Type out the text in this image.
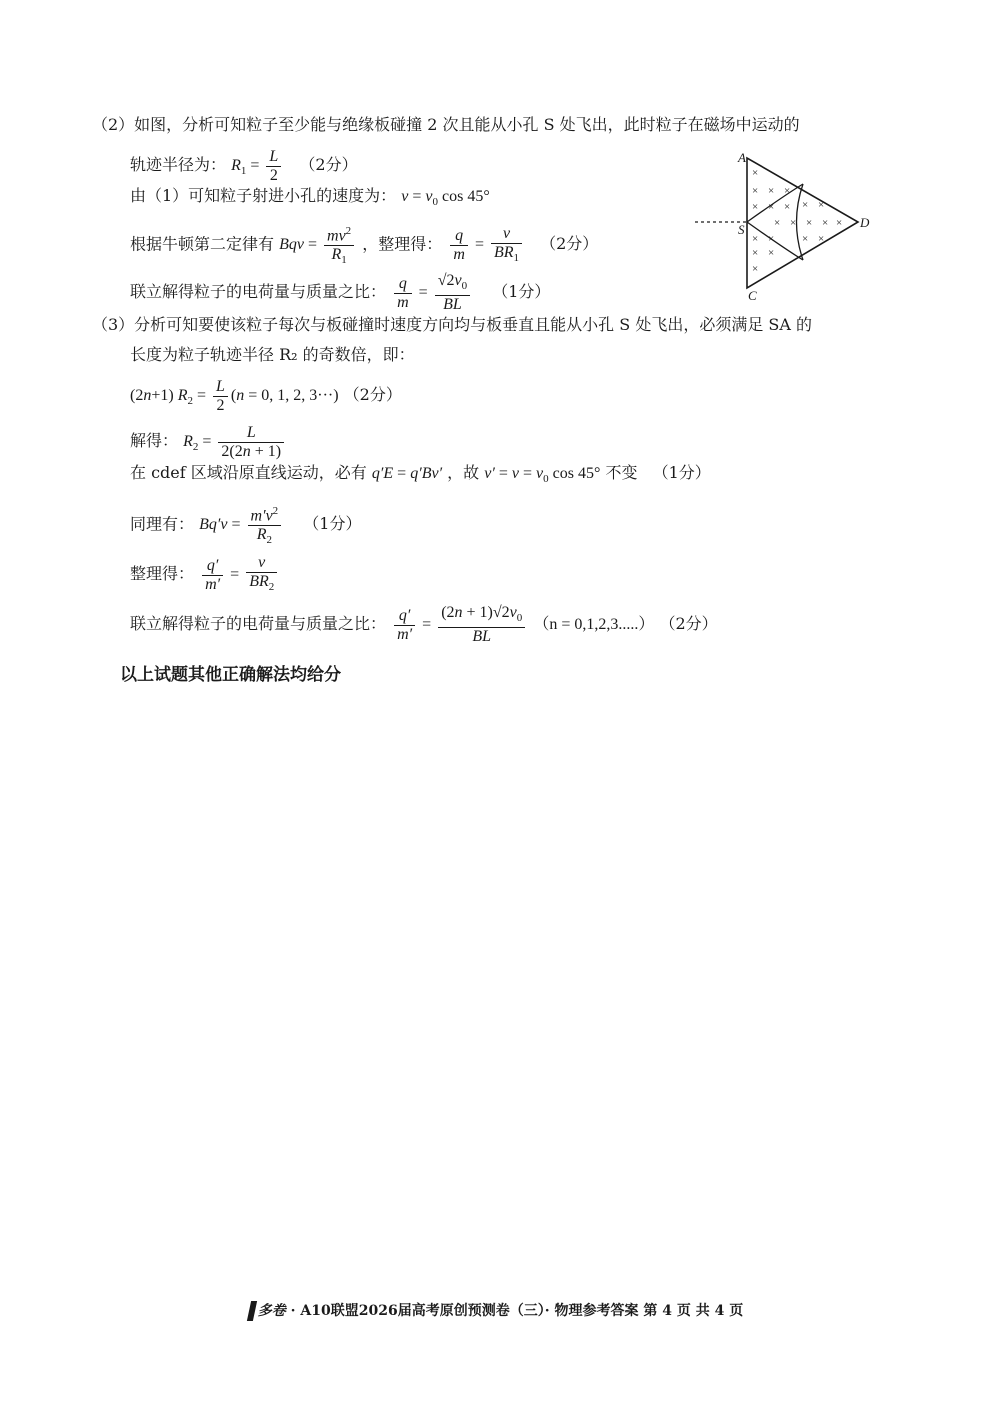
（2）如图，分析可知粒子至少能与绝缘板碰撞 2 次且能从小孔 S 处飞出，此时粒子在磁场中运动的
轨迹半径为： $R_1 = \frac{L}{2} (2$分）
由（1）可知粒子射进小孔的速度为： $v = v_0$ cos 45°
根据牛顿第二定律有 Bqv = $\frac{mv^2}{R_1}$ ，整理得： $\frac{q}{m} = \frac{v}{BR_1} (2$分）
联立解得粒子的电荷量与质量之比： $\frac{q}{m} = \frac{√2v_0}{BL} (1$分）
×
× × ×
× × × × ×
× × × × ×
× ×	× ×
× ×
×
A
S
C
D
（3）分析可知要使该粒子每次与板碰撞时速度方向均与板垂直且能从小孔 S 处飞出，必须满足 SA 的
长度为粒子轨迹半径 R₂ 的奇数倍，即：
(2n+1) $R_2 = \frac{L}{2} (n = 0$, 1, 2, 3···) （2分）
解得： $R_2 = \frac{L}{2(2n + 1)}$
在 cdef 区域沿原直线运动，必有 q′E = q′Bv′ ，故 $v' = v = v_0$ cos 45° 不变 （1分）
同理有： $Bq'v = \frac{m'v^2}{R_2} (1$分）
整理得： $\frac{q'}{m'} = \frac{v}{BR_2}$
联立解得粒子的电荷量与质量之比： $\frac{q'}{m'} = \frac{(2n + 1)√2v_0}{BL} (n = 0,1,2,3.....)$ （2分）
以上试题其他正确解法均给分
多卷 · A10联盟2026届高考原创预测卷（三）· 物理参考答案 第 4 页 共 4 页
